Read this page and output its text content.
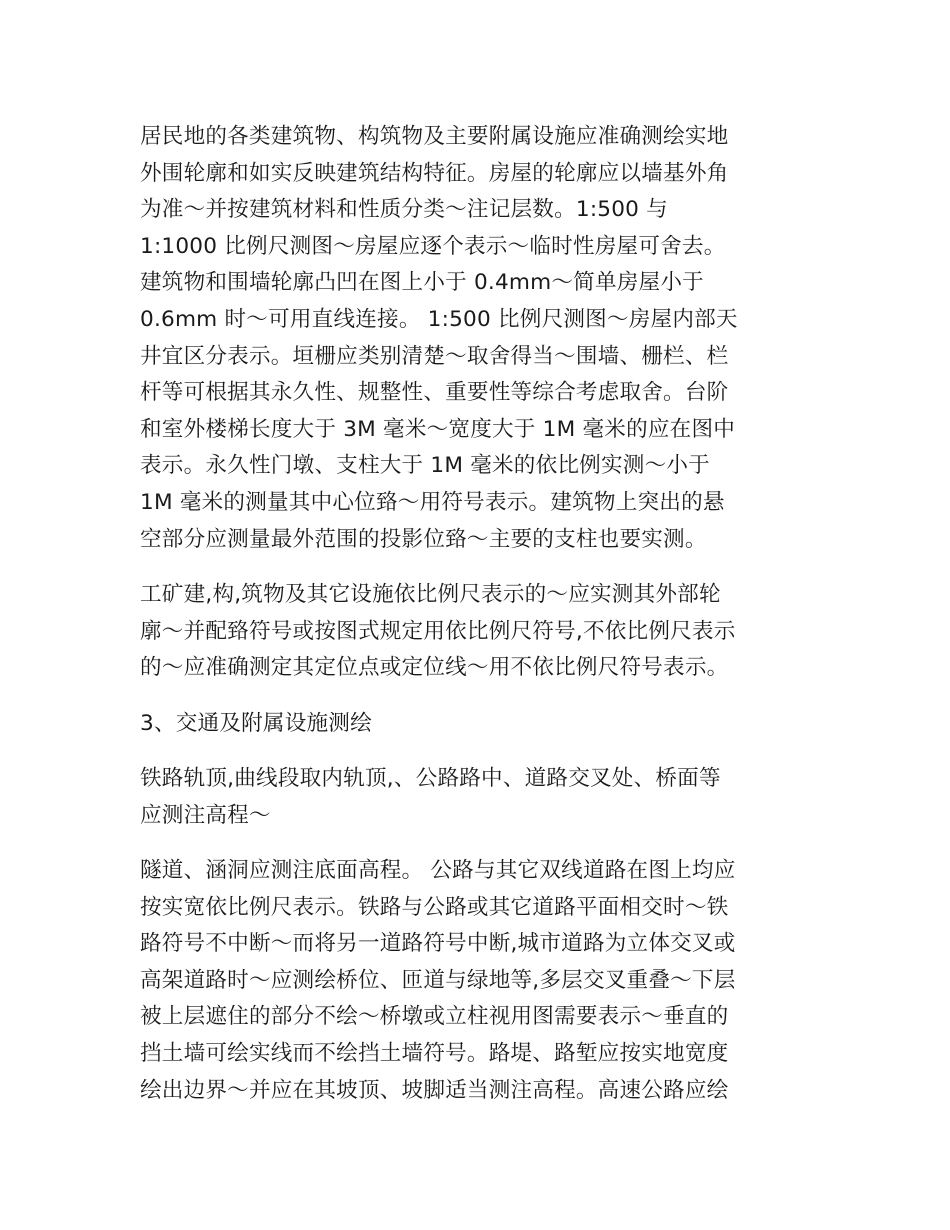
居民地的各类建筑物、构筑物及主要附属设施应准确测绘实地
外围轮廓和如实反映建筑结构特征。房屋的轮廓应以墙基外角
为准～并按建筑材料和性质分类～注记层数。1:500 与
1:1000 比例尺测图～房屋应逐个表示～临时性房屋可舍去。
建筑物和围墙轮廓凸凹在图上小于 0.4mm～简单房屋小于
0.6mm 时～可用直线连接。 1:500 比例尺测图～房屋内部天
井宜区分表示。垣栅应类别清楚～取舍得当～围墙、栅栏、栏
杆等可根据其永久性、规整性、重要性等综合考虑取舍。台阶
和室外楼梯长度大于 3M 毫米～宽度大于 1M 毫米的应在图中
表示。永久性门墩、支柱大于 1M 毫米的依比例实测～小于
1M 毫米的测量其中心位臵～用符号表示。建筑物上突出的悬
空部分应测量最外范围的投影位臵～主要的支柱也要实测。
工矿建,构,筑物及其它设施依比例尺表示的～应实测其外部轮
廓～并配臵符号或按图式规定用依比例尺符号,不依比例尺表示
的～应准确测定其定位点或定位线～用不依比例尺符号表示。
3、交通及附属设施测绘
铁路轨顶,曲线段取内轨顶,、公路路中、道路交叉处、桥面等
应测注高程～
隧道、涵洞应测注底面高程。 公路与其它双线道路在图上均应
按实宽依比例尺表示。铁路与公路或其它道路平面相交时～铁
路符号不中断～而将另一道路符号中断,城市道路为立体交叉或
高架道路时～应测绘桥位、匝道与绿地等,多层交叉重叠～下层
被上层遮住的部分不绘～桥墩或立柱视用图需要表示～垂直的
挡土墙可绘实线而不绘挡土墙符号。路堤、路堑应按实地宽度
绘出边界～并应在其坡顶、坡脚适当测注高程。高速公路应绘
